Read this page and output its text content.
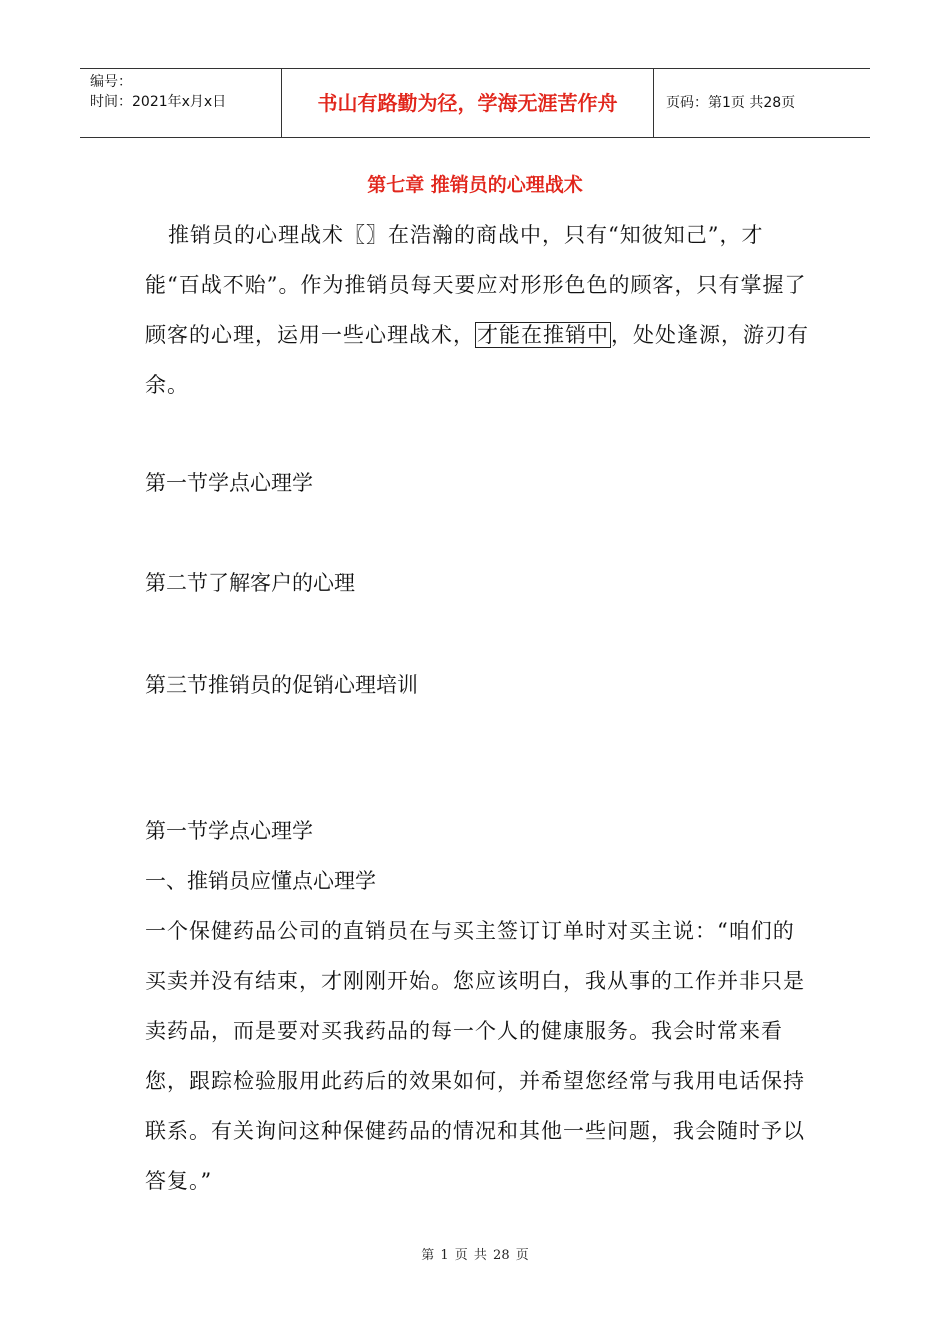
编号：
时间：2021年x月x日	书山有路勤为径，学海无涯苦作舟	页码：第1页 共28页
第七章 推销员的心理战术
推销员的心理战术〖〗在浩瀚的商战中，只有“知彼知己”，才能“百战不贻”。作为推销员每天要应对形形色色的顾客，只有掌握了顾客的心理，运用一些心理战术，才能在推销中，处处逢源，游刃有余。
第一节学点心理学
第二节了解客户的心理
第三节推销员的促销心理培训
第一节学点心理学
一、推销员应懂点心理学
一个保健药品公司的直销员在与买主签订订单时对买主说：“咱们的买卖并没有结束，才刚刚开始。您应该明白，我从事的工作并非只是卖药品，而是要对买我药品的每一个人的健康服务。我会时常来看您，跟踪检验服用此药后的效果如何，并希望您经常与我用电话保持联系。有关询问这种保健药品的情况和其他一些问题，我会随时予以答复。”
第 1 页 共 28 页
